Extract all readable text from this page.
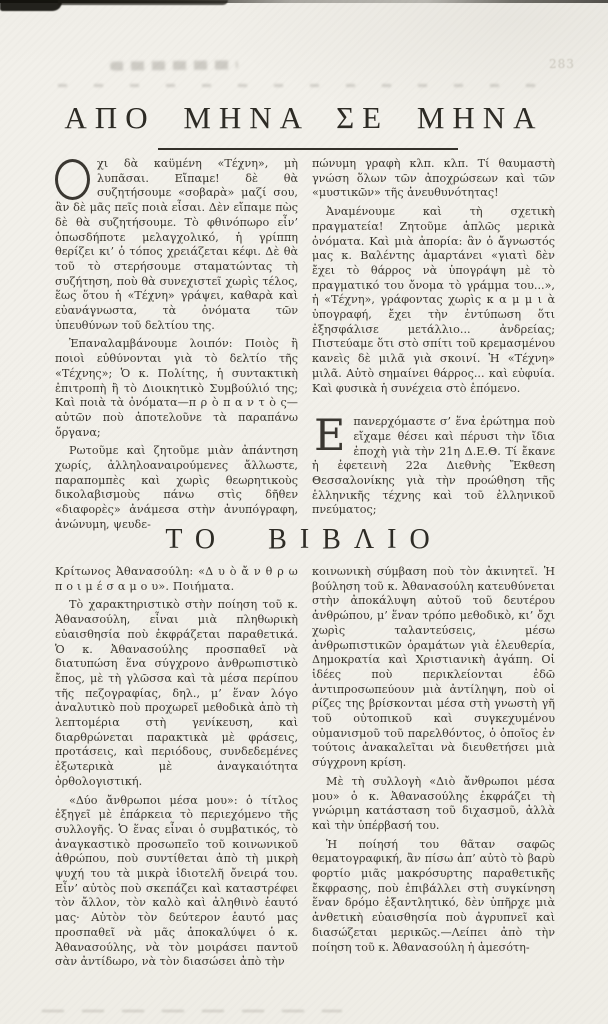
283
ΑΠΟ ΜΗΝΑ ΣΕ ΜΗΝΑ

χι δὰ καϋμένη «Τέχνη», μὴ λυπᾶσαι. Εἴπαμε! δὲ θὰ συζητήσουμε «σοβαρὰ» μαζί σου, ἂν δὲ μᾶς πεῖς ποιὰ εἶσαι. Δὲν εἴπαμε πὼς δὲ θὰ συζητήσουμε. Τὸ φθινόπωρο εἶν’ ὁπωσδήποτε μελαγχολικό, ἡ γρίππη θερίζει κι’ ὁ τόπος χρειάζεται κέφι. Δὲ θὰ τοῦ τὸ στερήσουμε σταματώντας τὴ συζήτηση, ποὺ θὰ συνεχιστεῖ χωρὶς τέλος, ἕως ὅτου ἡ «Τέχνη» γράψει, καθαρὰ καὶ εὐανάγνωστα, τὰ ὀνόματα τῶν ὑπευθύνων τοῦ δελτίου της.

Ἐπαναλαμβάνουμε λοιπόν: Ποιὸς ἢ ποιοὶ εὐθύνονται γιὰ τὸ δελτίο τῆς «Τέχνης»; Ὁ κ. Πολίτης, ἡ συντακτικὴ ἐπιτροπὴ ἢ τὸ Διοικητικὸ Συμβούλιό της; Καὶ ποιὰ τὰ ὀνόματα—π ρ ὸ π α ν τ ὸ ς—αὐτῶν ποὺ ἀποτελοῦνε τὰ παραπάνω ὄργανα;

Ρωτοῦμε καὶ ζητοῦμε μιὰν ἀπάντηση χωρίς, ἀλληλοαναιρούμενες ἄλλωστε, παραπομπὲς καὶ χωρὶς θεωρητικοὺς δικολαβισμοὺς πάνω στὶς δῆθεν «διαφορὲς» ἀνάμεσα στὴν ἀνυπόγραφη, ἀνώνυμη, ψευδε-

πώνυμη γραφὴ κλπ. κλπ. Τί θαυμαστὴ γνώση ὅλων τῶν ἀποχρώσεων καὶ τῶν «μυστικῶν» τῆς ἀνευθυνότητας!

Ἀναμένουμε καὶ τὴ σχετικὴ πραγματεία! Ζητοῦμε ἁπλῶς μερικὰ ὀνόματα. Καὶ μιὰ ἀπορία: ἂν ὁ ἄγνωστός μας κ. Βαλέντης ἁμαρτάνει «γιατὶ δὲν ἔχει τὸ θάρρος νὰ ὑπογράψη μὲ τὸ πραγματικό του ὄνομα τὸ γράμμα του...», ἡ «Τέχνη», γράφοντας χωρὶς κ α μ μ ι ὰ ὑπογραφή, ἔχει τὴν ἐντύπωση ὅτι ἐξησφάλισε μετάλλιο... ἀνδρείας; Πιστεύαμε ὅτι στὸ σπίτι τοῦ κρεμασμένου κανεὶς δὲ μιλᾶ γιὰ σκοινί. Ἡ «Τέχνη» μιλᾶ. Αὐτὸ σημαίνει θάρρος... καὶ εὐφυία. Καὶ φυσικὰ ἡ συνέχεια στὸ ἑπόμενο.

Επανερχόμαστε σ’ ἕνα ἐρώτημα ποὺ εἴχαμε θέσει καὶ πέρυσι τὴν ἴδια ἐποχὴ γιὰ τὴν 21η Δ.Ε.Θ. Τί ἔκανε ἡ ἐφετεινὴ 22α Διεθνὴς Ἔκθεση Θεσσαλονίκης γιὰ τὴν προώθηση τῆς ἑλληνικῆς τέχνης καὶ τοῦ ἑλληνικοῦ πνεύματος;

ΤΟ ΒΙΒΛΙΟ

Κρίτωνος Ἀθανασούλη: «Δ υ ὸ ἄ ν θ ρ ω π ο ι μ έ σ α μ ο υ». Ποιήματα.

Τὸ χαρακτηριστικὸ στὴν ποίηση τοῦ κ. Ἀθανασούλη, εἶναι μιὰ πληθωρικὴ εὐαισθησία ποὺ ἐκφράζεται παραθετικά. Ὁ κ. Ἀθανασούλης προσπαθεῖ νὰ διατυπώση ἕνα σύγχρονο ἀνθρωπιστικὸ ἔπος, μὲ τὴ γλῶσσα καὶ τὰ μέσα περίπου τῆς πεζογραφίας, δηλ., μ’ ἕναν λόγο ἀναλυτικὸ ποὺ προχωρεῖ μεθοδικὰ ἀπὸ τὴ λεπτομέρια στὴ γενίκευση, καὶ διαρθρώνεται παρακτικὰ μὲ φράσεις, προτάσεις, καὶ περιόδους, συνδεδεμένες ἐξωτερικὰ μὲ ἀναγκαιότητα ὀρθολογιστική.

«Δύο ἄνθρωποι μέσα μου»: ὁ τίτλος ἐξηγεῖ μὲ ἐπάρκεια τὸ περιεχόμενο τῆς συλλογῆς. Ὁ ἕνας εἶναι ὁ συμβατικός, τὸ ἀναγκαστικὸ προσωπεῖο τοῦ κοινωνικοῦ ἀθρώπου, ποὺ συντίθεται ἀπὸ τὴ μικρὴ ψυχή του τὰ μικρὰ ἰδιοτελῆ ὄνειρά του. Εἶν’ αὐτὸς ποὺ σκεπάζει καὶ καταστρέφει τὸν ἄλλον, τὸν καλὸ καὶ ἀληθινὸ ἑαυτό μας· Αὐτὸν τὸν δεύτερον ἑαυτό μας προσπαθεῖ νὰ μᾶς ἀποκαλύψει ὁ κ. Ἀθανασούλης, νὰ τὸν μοιράσει παντοῦ σὰν ἀντίδωρο, νὰ τὸν διασώσει ἀπὸ τὴν

κοινωνικὴ σύμβαση ποὺ τὸν ἀκινητεῖ. Ἡ βούληση τοῦ κ. Ἀθανασούλη κατευθύνεται στὴν ἀποκάλυψη αὐτοῦ τοῦ δευτέρου ἀνθρώπου, μ’ ἕναν τρόπο μεθοδικὸ, κι’ ὄχι χωρὶς ταλαντεύσεις, μέσω ἀνθρωπιστικῶν ὁραμάτων γιὰ ἐλευθερία, Δημοκρατία καὶ Χριστιανικὴ ἀγάπη. Οἱ ἰδέες ποὺ περικλείονται ἐδῶ ἀντιπροσωπεύουν μιὰ ἀντίληψη, ποὺ οἱ ρίζες της βρίσκονται μέσα στὴ γνωστὴ γῆ τοῦ οὐτοπικοῦ καὶ συγκεχυμένου οὐμανισμοῦ τοῦ παρελθόντος, ὁ ὁποῖος ἐν τούτοις ἀνακαλεῖται νὰ διευθετήσει μιὰ σύγχρονη κρίση.

Μὲ τὴ συλλογὴ «Διὸ ἄνθρωποι μέσα μου» ὁ κ. Ἀθανασούλης ἐκφράζει τὴ γνώριμη κατάσταση τοῦ διχασμοῦ, ἀλλὰ καὶ τὴν ὑπέρβασή του.

Ἡ ποίησή του θᾶταν σαφῶς θεματογραφική, ἂν πίσω ἀπ’ αὐτὸ τὸ βαρὺ φορτίο μιᾶς μακρόσυρτης παραθετικῆς ἔκφρασης, ποὺ ἐπιβάλλει στὴ συγκίνηση ἕναν δρόμο ἐξαντλητικό, δὲν ὑπῆρχε μιὰ ἀνθετικὴ εὐαισθησία ποὺ ἀγρυπνεῖ καὶ διασώζεται μερικῶς.—Λείπει ἀπὸ τὴν ποίηση τοῦ κ. Ἀθανασούλη ἡ ἀμεσότη-
